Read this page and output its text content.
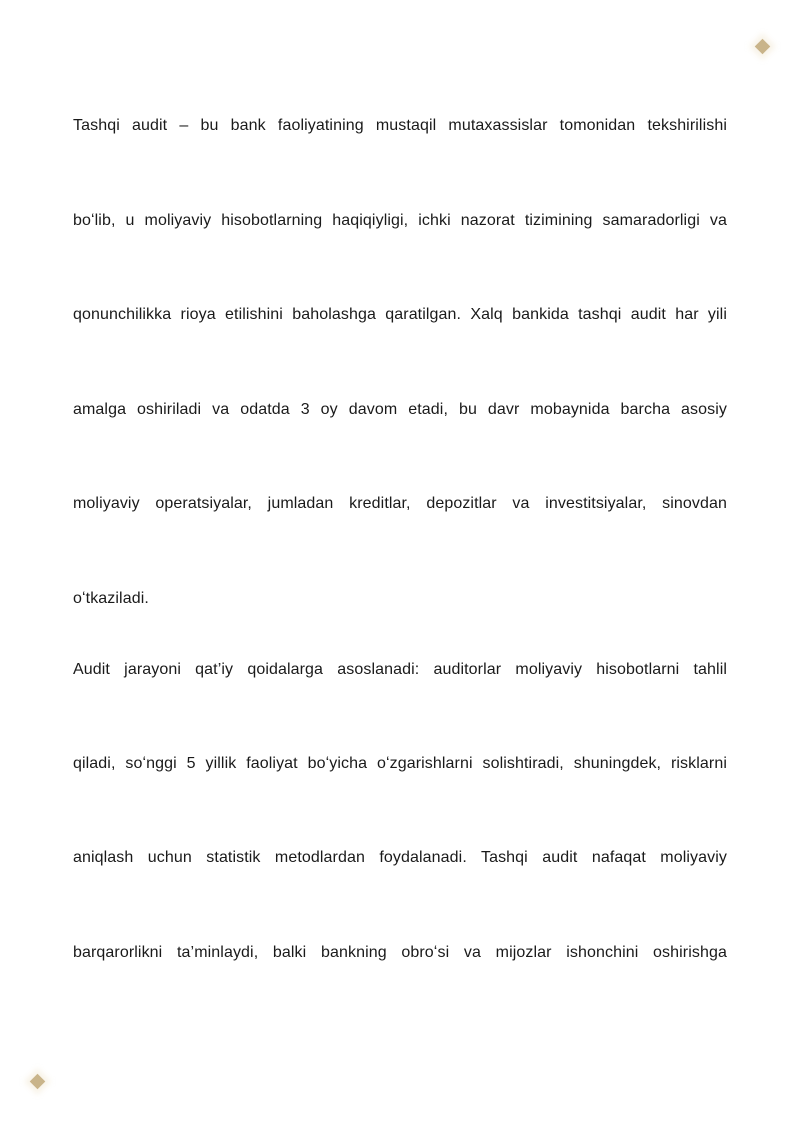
Tashqi audit – bu bank faoliyatining mustaqil mutaxassislar tomonidan tekshirilishi
boʻlib, u moliyaviy hisobotlarning haqiqiyligi, ichki nazorat tizimining samaradorligi va
qonunchilikka rioya etilishini baholashga qaratilgan. Xalq bankida tashqi audit har yili
amalga oshiriladi va odatda 3 oy davom etadi, bu davr mobaynida barcha asosiy
moliyaviy operatsiyalar, jumladan kreditlar, depozitlar va investitsiyalar, sinovdan
oʻtkaziladi.
Audit jarayoni qat’iy qoidalarga asoslanadi: auditorlar moliyaviy hisobotlarni tahlil
qiladi, soʻnggi 5 yillik faoliyat boʻyicha oʻzgarishlarni solishtiradi, shuningdek, risklarni
aniqlash uchun statistik metodlardan foydalanadi. Tashqi audit nafaqat moliyaviy
barqarorlikni ta’minlaydi, balki bankning obroʻsi va mijozlar ishonchini oshirishga
